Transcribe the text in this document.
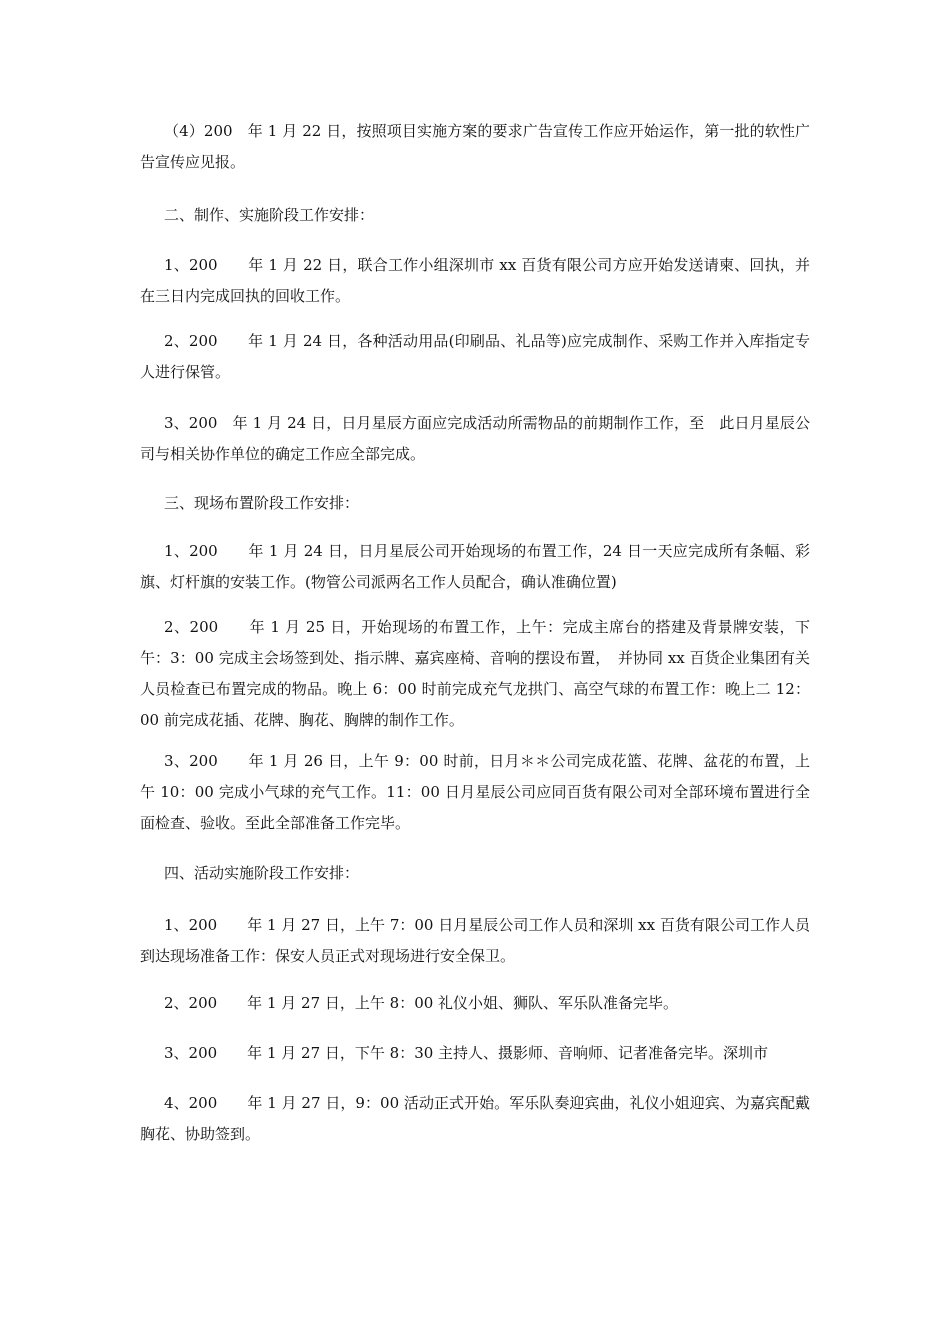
（4）200　年 1 月 22 日，按照项目实施方案的要求广告宣传工作应开始运作，第一批的软性广告宣传应见报。

二、制作、实施阶段工作安排：

1、200　　年 1 月 22 日，联合工作小组深圳市 xx 百货有限公司方应开始发送请柬、回执，并在三日内完成回执的回收工作。

2、200　　年 1 月 24 日，各种活动用品(印刷品、礼品等)应完成制作、采购工作并入库指定专人进行保管。

3、200　年 1 月 24 日，日月星辰方面应完成活动所需物品的前期制作工作，至　此日月星辰公司与相关协作单位的确定工作应全部完成。

三、现场布置阶段工作安排：

1、200　　年 1 月 24 日，日月星辰公司开始现场的布置工作，24 日一天应完成所有条幅、彩旗、灯杆旗的安装工作。(物管公司派两名工作人员配合，确认准确位置)

2、200　　年 1 月 25 日，开始现场的布置工作，上午：完成主席台的搭建及背景牌安装，下午：3：00 完成主会场签到处、指示牌、嘉宾座椅、音响的摆设布置，　并协同 xx 百货企业集团有关人员检查已布置完成的物品。晚上 6：00 时前完成充气龙拱门、高空气球的布置工作：晚上二 12：00 前完成花插、花牌、胸花、胸牌的制作工作。

3、200　　年 1 月 26 日，上午 9：00 时前，日月＊＊公司完成花篮、花牌、盆花的布置，上午 10：00 完成小气球的充气工作。11：00 日月星辰公司应同百货有限公司对全部环境布置进行全面检查、验收。至此全部准备工作完毕。

四、活动实施阶段工作安排：

1、200　　年 1 月 27 日，上午 7：00 日月星辰公司工作人员和深圳 xx 百货有限公司工作人员到达现场准备工作：保安人员正式对现场进行安全保卫。

2、200　　年 1 月 27 日，上午 8：00 礼仪小姐、狮队、军乐队准备完毕。

3、200　　年 1 月 27 日，下午 8：30 主持人、摄影师、音响师、记者准备完毕。深圳市

4、200　　年 1 月 27 日，9：00 活动正式开始。军乐队奏迎宾曲，礼仪小姐迎宾、为嘉宾配戴胸花、协助签到。
